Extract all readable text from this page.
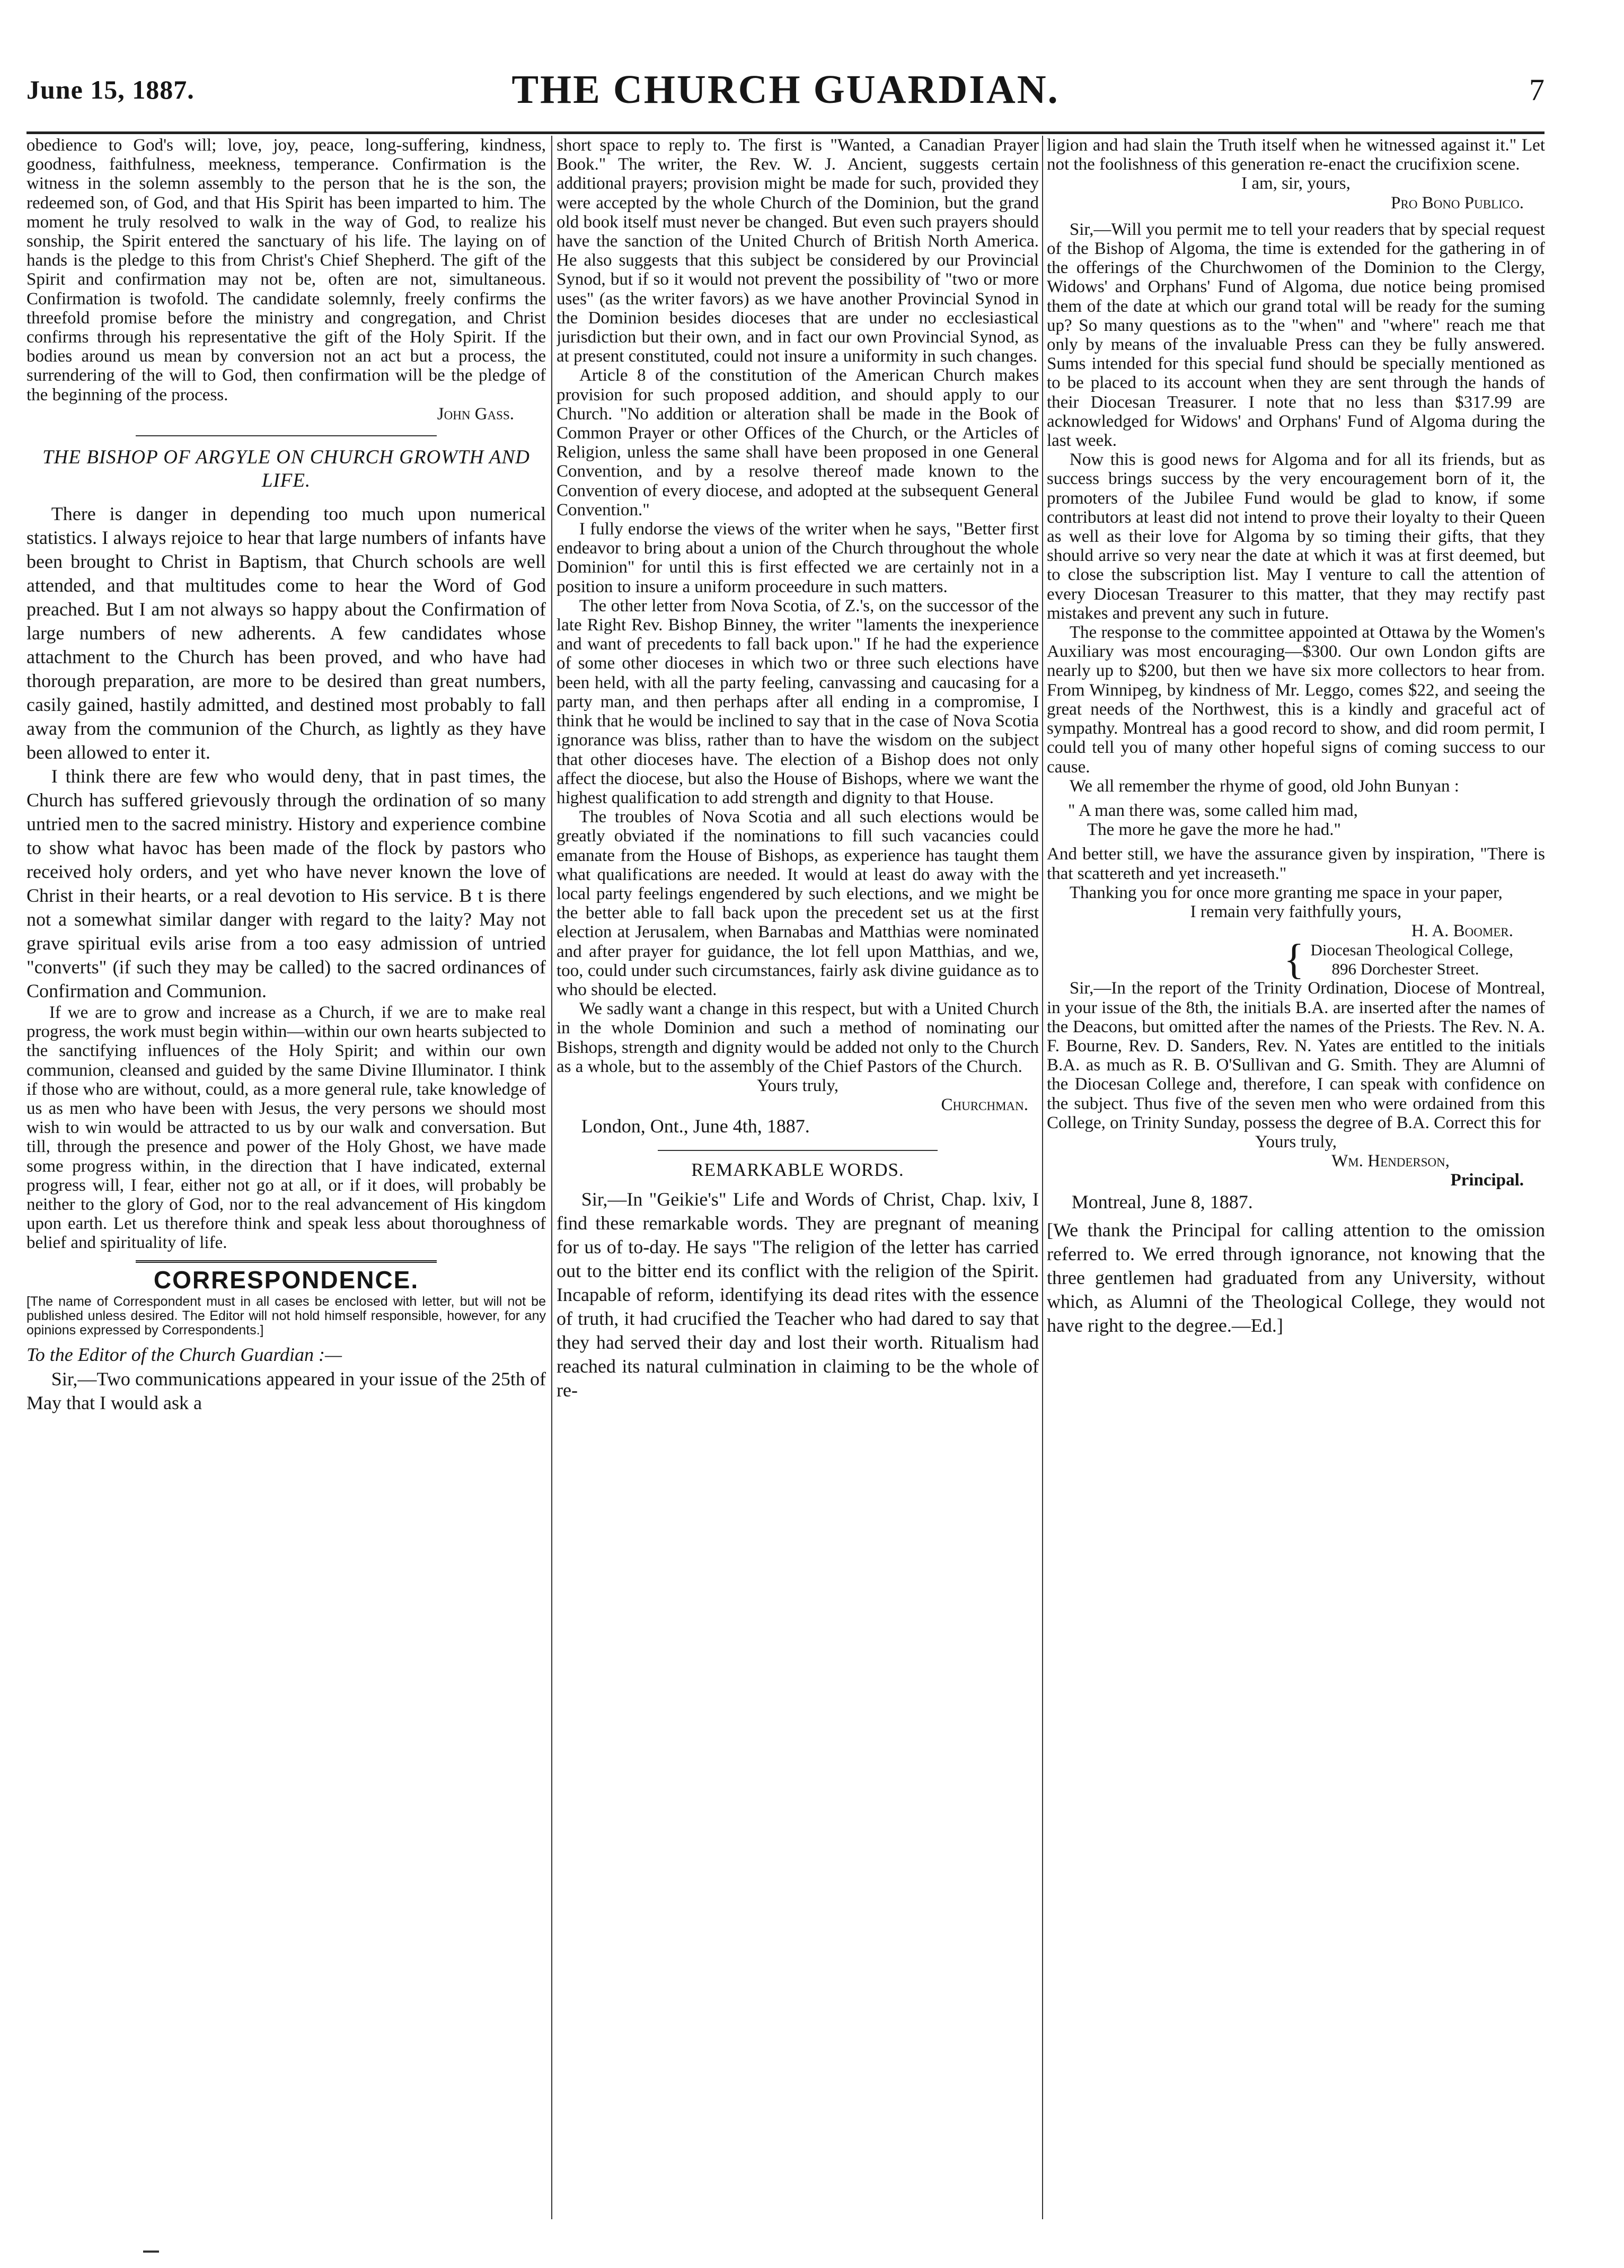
June 15, 1887.	THE CHURCH GUARDIAN.	7

obedience to God's will; love, joy, peace, long-suffering, kindness, goodness, faithfulness, meekness, temperance. Confirmation is the witness in the solemn assembly to the person that he is the son, the redeemed son, of God, and that His Spirit has been imparted to him. The moment he truly resolved to walk in the way of God, to realize his sonship, the Spirit entered the sanctuary of his life. The laying on of hands is the pledge to this from Christ's Chief Shepherd. The gift of the Spirit and confirmation may not be, often are not, simultaneous. Confirmation is twofold. The candidate solemnly, freely confirms the threefold promise before the ministry and congregation, and Christ confirms through his representative the gift of the Holy Spirit. If the bodies around us mean by conversion not an act but a process, the surrendering of the will to God, then confirmation will be the pledge of the beginning of the process.

John Gass.
THE BISHOP OF ARGYLE ON CHURCH GROWTH AND LIFE.

There is danger in depending too much upon numerical statistics. I always rejoice to hear that large numbers of infants have been brought to Christ in Baptism, that Church schools are well attended, and that multitudes come to hear the Word of God preached. But I am not always so happy about the Confirmation of large numbers of new adherents. A few candidates whose attachment to the Church has been proved, and who have had thorough preparation, are more to be desired than great numbers, casily gained, hastily admitted, and destined most probably to fall away from the communion of the Church, as lightly as they have been allowed to enter it.

I think there are few who would deny, that in past times, the Church has suffered grievously through the ordination of so many untried men to the sacred ministry. History and experience combine to show what havoc has been made of the flock by pastors who received holy orders, and yet who have never known the love of Christ in their hearts, or a real devotion to His service. B t is there not a somewhat similar danger with regard to the laity? May not grave spiritual evils arise from a too easy admission of untried "converts" (if such they may be called) to the sacred ordinances of Confirmation and Communion.

If we are to grow and increase as a Church, if we are to make real progress, the work must begin within—within our own hearts subjected to the sanctifying influences of the Holy Spirit; and within our own communion, cleansed and guided by the same Divine Illuminator. I think if those who are without, could, as a more general rule, take knowledge of us as men who have been with Jesus, the very persons we should most wish to win would be attracted to us by our walk and conversation. But till, through the presence and power of the Holy Ghost, we have made some progress within, in the direction that I have indicated, external progress will, I fear, either not go at all, or if it does, will probably be neither to the glory of God, nor to the real advancement of His kingdom upon earth. Let us therefore think and speak less about thoroughness of belief and spirituality of life.

CORRESPONDENCE.

[The name of Correspondent must in all cases be enclosed with letter, but will not be published unless desired. The Editor will not hold himself responsible, however, for any opinions expressed by Correspondents.]

To the Editor of the Church Guardian :—

Sir,—Two communications appeared in your issue of the 25th of May that I would ask a

short space to reply to. The first is "Wanted, a Canadian Prayer Book." The writer, the Rev. W. J. Ancient, suggests certain additional prayers; provision might be made for such, provided they were accepted by the whole Church of the Dominion, but the grand old book itself must never be changed. But even such prayers should have the sanction of the United Church of British North America. He also suggests that this subject be considered by our Provincial Synod, but if so it would not prevent the possibility of "two or more uses" (as the writer favors) as we have another Provincial Synod in the Dominion besides dioceses that are under no ecclesiastical jurisdiction but their own, and in fact our own Provincial Synod, as at present constituted, could not insure a uniformity in such changes.

Article 8 of the constitution of the American Church makes provision for such proposed addition, and should apply to our Church. "No addition or alteration shall be made in the Book of Common Prayer or other Offices of the Church, or the Articles of Religion, unless the same shall have been proposed in one General Convention, and by a resolve thereof made known to the Convention of every diocese, and adopted at the subsequent General Convention."

I fully endorse the views of the writer when he says, "Better first endeavor to bring about a union of the Church throughout the whole Dominion" for until this is first effected we are certainly not in a position to insure a uniform proceedure in such matters.

The other letter from Nova Scotia, of Z.'s, on the successor of the late Right Rev. Bishop Binney, the writer "laments the inexperience and want of precedents to fall back upon." If he had the experience of some other dioceses in which two or three such elections have been held, with all the party feeling, canvassing and caucasing for a party man, and then perhaps after all ending in a compromise, I think that he would be inclined to say that in the case of Nova Scotia ignorance was bliss, rather than to have the wisdom on the subject that other dioceses have. The election of a Bishop does not only affect the diocese, but also the House of Bishops, where we want the highest qualification to add strength and dignity to that House.

The troubles of Nova Scotia and all such elections would be greatly obviated if the nominations to fill such vacancies could emanate from the House of Bishops, as experience has taught them what qualifications are needed. It would at least do away with the local party feelings engendered by such elections, and we might be the better able to fall back upon the precedent set us at the first election at Jerusalem, when Barnabas and Matthias were nominated and after prayer for guidance, the lot fell upon Matthias, and we, too, could under such circumstances, fairly ask divine guidance as to who should be elected.

We sadly want a change in this respect, but with a United Church in the whole Dominion and such a method of nominating our Bishops, strength and dignity would be added not only to the Church as a whole, but to the assembly of the Chief Pastors of the Church.

Yours truly,

Churchman.

London, Ont., June 4th, 1887.

REMARKABLE WORDS.

Sir,—In "Geikie's" Life and Words of Christ, Chap. lxiv, I find these remarkable words. They are pregnant of meaning for us of to-day. He says "The religion of the letter has carried out to the bitter end its conflict with the religion of the Spirit. Incapable of reform, identifying its dead rites with the essence of truth, it had crucified the Teacher who had dared to say that they had served their day and lost their worth. Ritualism had reached its natural culmination in claiming to be the whole of re-

ligion and had slain the Truth itself when he witnessed against it." Let not the foolishness of this generation re-enact the crucifixion scene.

I am, sir, yours,

Pro Bono Publico.

Sir,—Will you permit me to tell your readers that by special request of the Bishop of Algoma, the time is extended for the gathering in of the offerings of the Churchwomen of the Dominion to the Clergy, Widows' and Orphans' Fund of Algoma, due notice being promised them of the date at which our grand total will be ready for the suming up? So many questions as to the "when" and "where" reach me that only by means of the invaluable Press can they be fully answered. Sums intended for this special fund should be specially mentioned as to be placed to its account when they are sent through the hands of their Diocesan Treasurer. I note that no less than $317.99 are acknowledged for Widows' and Orphans' Fund of Algoma during the last week.

Now this is good news for Algoma and for all its friends, but as success brings success by the very encouragement born of it, the promoters of the Jubilee Fund would be glad to know, if some contributors at least did not intend to prove their loyalty to their Queen as well as their love for Algoma by so timing their gifts, that they should arrive so very near the date at which it was at first deemed, but to close the subscription list. May I venture to call the attention of every Diocesan Treasurer to this matter, that they may rectify past mistakes and prevent any such in future.

The response to the committee appointed at Ottawa by the Women's Auxiliary was most encouraging—$300. Our own London gifts are nearly up to $200, but then we have six more collectors to hear from. From Winnipeg, by kindness of Mr. Leggo, comes $22, and seeing the great needs of the Northwest, this is a kindly and graceful act of sympathy. Montreal has a good record to show, and did room permit, I could tell you of many other hopeful signs of coming success to our cause.

We all remember the rhyme of good, old John Bunyan :

" A man there was, some called him mad,
The more he gave the more he had."

And better still, we have the assurance given by inspiration, "There is that scattereth and yet increaseth."

Thanking you for once more granting me space in your paper,

I remain very faithfully yours,

H. A. Boomer.
{ Diocesan Theological College,
896 Dorchester Street.

Sir,—In the report of the Trinity Ordination, Diocese of Montreal, in your issue of the 8th, the initials B.A. are inserted after the names of the Deacons, but omitted after the names of the Priests. The Rev. N. A. F. Bourne, Rev. D. Sanders, Rev. N. Yates are entitled to the initials B.A. as much as R. B. O'Sullivan and G. Smith. They are Alumni of the Diocesan College and, therefore, I can speak with confidence on the subject. Thus five of the seven men who were ordained from this College, on Trinity Sunday, possess the degree of B.A. Correct this for

Yours truly,

Wm. Henderson,
Principal.

Montreal, June 8, 1887.

[We thank the Principal for calling attention to the omission referred to. We erred through ignorance, not knowing that the three gentlemen had graduated from any University, without which, as Alumni of the Theological College, they would not have right to the degree.—Ed.]
